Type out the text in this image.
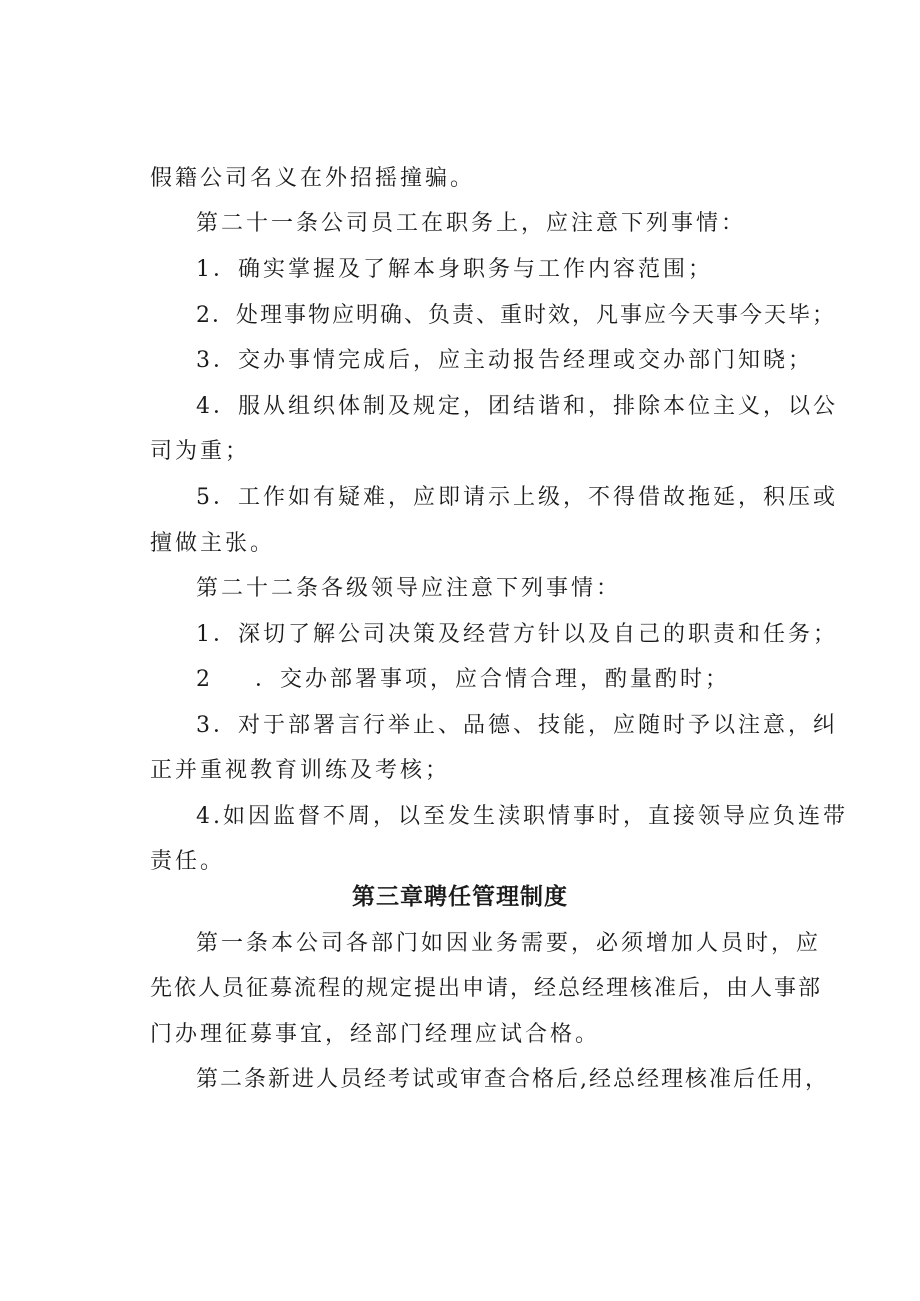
假籍公司名义在外招摇撞骗。
第二十一条公司员工在职务上，应注意下列事情：
1．确实掌握及了解本身职务与工作内容范围；
2．处理事物应明确、负责、重时效，凡事应今天事今天毕；
3．交办事情完成后，应主动报告经理或交办部门知晓；
4．服从组织体制及规定，团结谐和，排除本位主义，以公
司为重；
5．工作如有疑难，应即请示上级，不得借故拖延，积压或
擅做主张。
第二十二条各级领导应注意下列事情：
1．深切了解公司决策及经营方针以及自己的职责和任务；
2 ．交办部署事项，应合情合理，酌量酌时；
3．对于部署言行举止、品德、技能，应随时予以注意，纠
正并重视教育训练及考核；
4.如因监督不周，以至发生渎职情事时，直接领导应负连带
责任。
第三章聘任管理制度
第一条本公司各部门如因业务需要，必须增加人员时，应
先依人员征募流程的规定提出申请，经总经理核准后，由人事部
门办理征募事宜，经部门经理应试合格。
第二条新进人员经考试或审查合格后,经总经理核准后任用，
